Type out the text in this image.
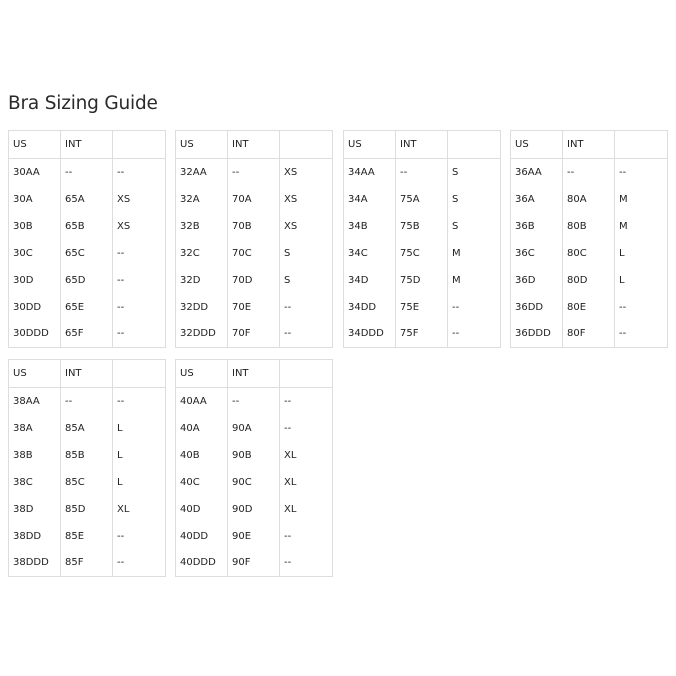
Bra Sizing Guide
US	INT	
30AA	--	--
30A	65A	XS
30B	65B	XS
30C	65C	--
30D	65D	--
30DD	65E	--
30DDD	65F	--
US	INT	
32AA	--	XS
32A	70A	XS
32B	70B	XS
32C	70C	S
32D	70D	S
32DD	70E	--
32DDD	70F	--
US	INT	
34AA	--	S
34A	75A	S
34B	75B	S
34C	75C	M
34D	75D	M
34DD	75E	--
34DDD	75F	--
US	INT	
36AA	--	--
36A	80A	M
36B	80B	M
36C	80C	L
36D	80D	L
36DD	80E	--
36DDD	80F	--
US	INT	
38AA	--	--
38A	85A	L
38B	85B	L
38C	85C	L
38D	85D	XL
38DD	85E	--
38DDD	85F	--
US	INT	
40AA	--	--
40A	90A	--
40B	90B	XL
40C	90C	XL
40D	90D	XL
40DD	90E	--
40DDD	90F	--
